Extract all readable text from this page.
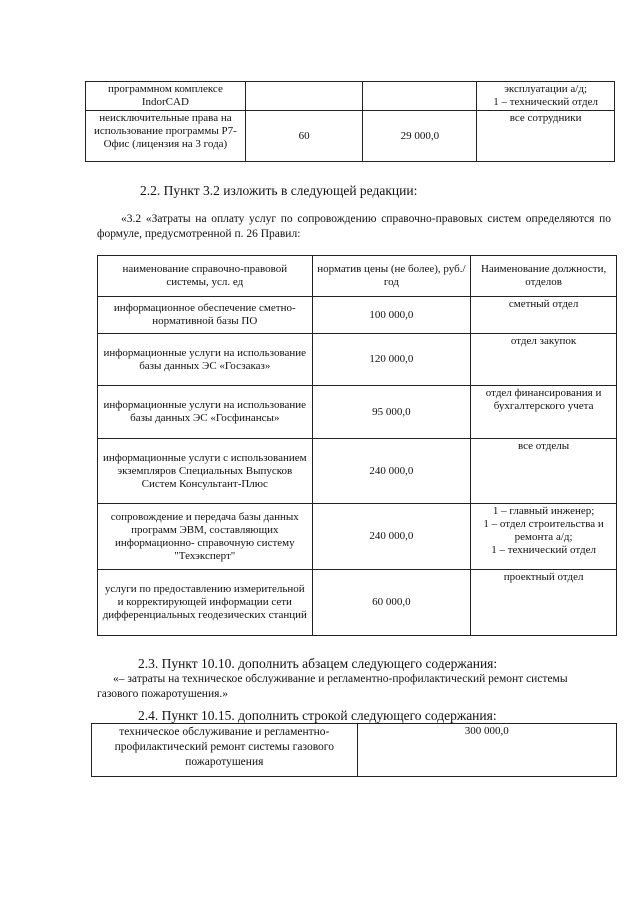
программном комплексе IndorCAD			эксплуатации а/д;
1 – технический отдел
неисключительные права на использование программы Р7-Офис (лицензия на 3 года)	60	29 000,0	все сотрудники
2.2. Пункт 3.2 изложить в следующей редакции:
«3.2 «Затраты на оплату услуг по сопровождению справочно-правовых систем определяются по формуле, предусмотренной п. 26 Правил:
наименование справочно-правовой системы, усл. ед	норматив цены (не более), руб./год	Наименование должности, отделов
информационное обеспечение сметно-нормативной базы ПО	100 000,0	сметный отдел
информационные услуги на использование базы данных ЭС «Госзаказ»	120 000,0	отдел закупок
информационные услуги на использование базы данных ЭС «Госфинансы»	95 000,0	отдел финансирования и бухгалтерского учета
информационные услуги с использованием экземпляров Специальных Выпусков Систем Консультант-Плюс	240 000,0	все отделы
сопровождение и передача базы данных программ ЭВМ, составляющих информационно- справочную систему "Техэксперт"	240 000,0	1 – главный инженер;
1 – отдел строительства и ремонта а/д;
1 – технический отдел
услуги по предоставлению измерительной и корректирующей информации сети дифференциальных геодезических станций	60 000,0	проектный отдел
2.3. Пункт 10.10. дополнить абзацем следующего содержания:
«– затраты на техническое обслуживание и регламентно-профилактический ремонт системы газового пожаротушения.»
2.4. Пункт 10.15. дополнить строкой следующего содержания:
техническое обслуживание и регламентно-профилактический ремонт системы газового пожаротушения	300 000,0
